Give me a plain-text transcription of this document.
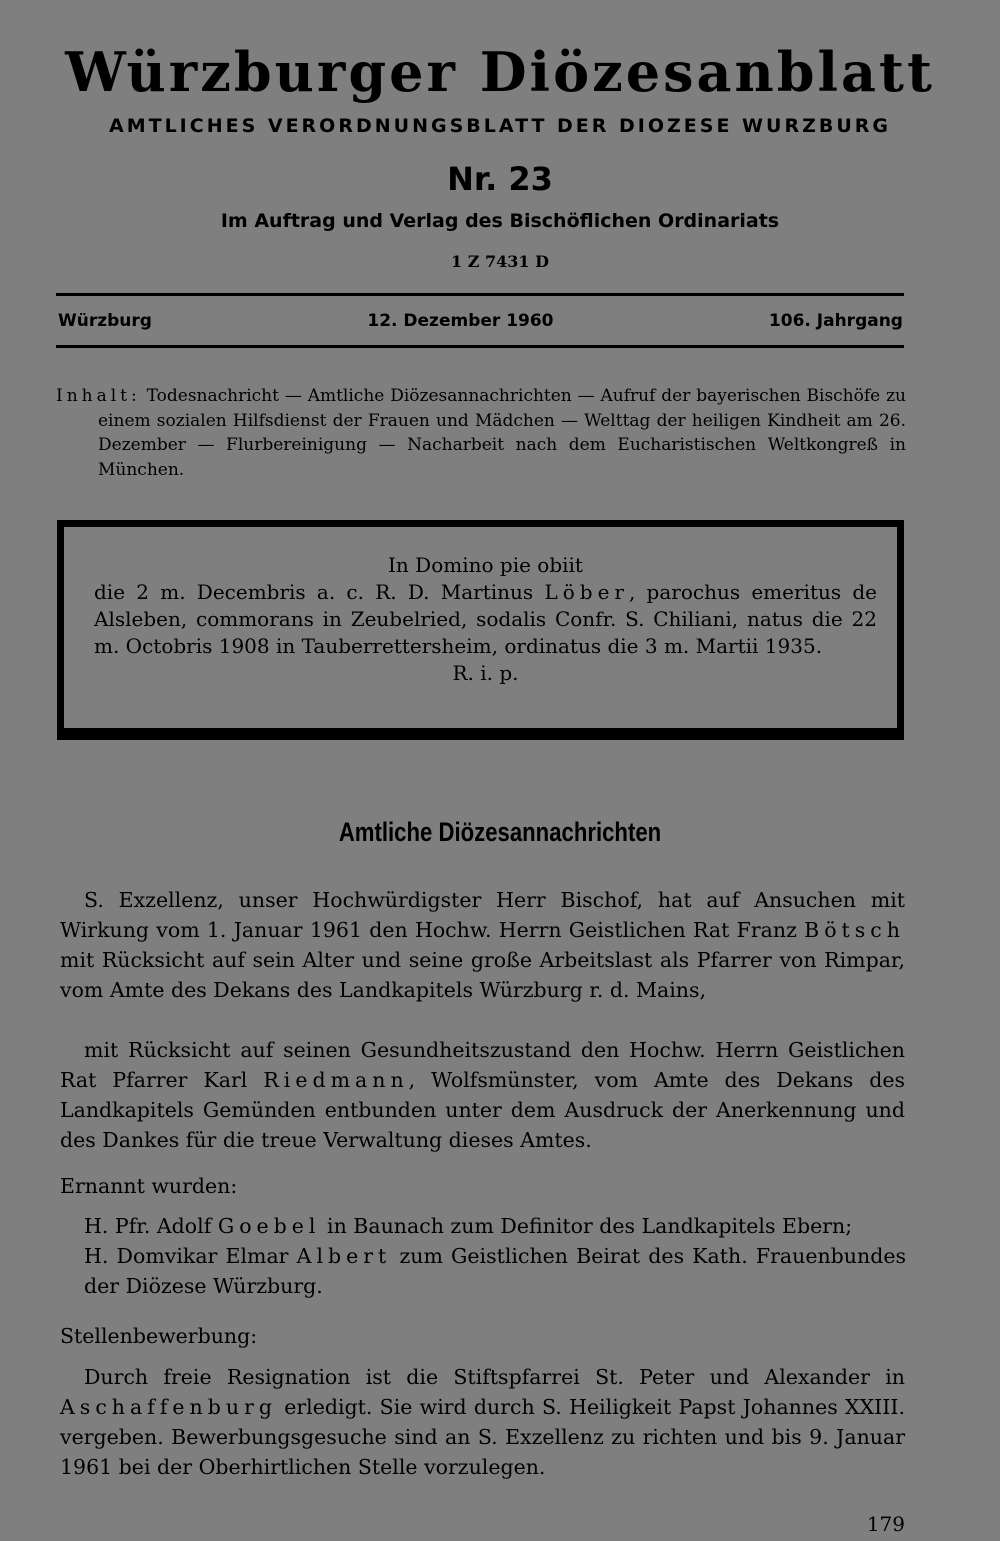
Würzburger Diözesanblatt
AMTLICHES VERORDNUNGSBLATT DER DIOZESE WURZBURG
Nr. 23
Im Auftrag und Verlag des Bischöflichen Ordinariats
1 Z 7431 D
Würzburg	12. Dezember 1960	106. Jahrgang
Inhalt: Todesnachricht — Amtliche Diözesannachrichten — Aufruf der bayerischen Bischöfe zu einem sozialen Hilfsdienst der Frauen und Mädchen — Welttag der heiligen Kindheit am 26. Dezember — Flurbereinigung — Nacharbeit nach dem Eucharistischen Weltkongreß in München.
In Domino pie obiit
die 2 m. Decembris a. c. R. D. Martinus Löber, parochus emeritus de Alsleben, commorans in Zeubelried, sodalis Confr. S. Chiliani, natus die 22 m. Octobris 1908 in Tauberrettersheim, ordinatus die 3 m. Martii 1935.
R. i. p.
Amtliche Diözesannachrichten
S. Exzellenz, unser Hochwürdigster Herr Bischof, hat auf Ansuchen mit Wirkung vom 1. Januar 1961 den Hochw. Herrn Geistlichen Rat Franz Bötsch mit Rücksicht auf sein Alter und seine große Arbeitslast als Pfarrer von Rimpar, vom Amte des Dekans des Landkapitels Würzburg r. d. Mains,
mit Rücksicht auf seinen Gesundheitszustand den Hochw. Herrn Geistlichen Rat Pfarrer Karl Riedmann, Wolfsmünster, vom Amte des Dekans des Landkapitels Gemünden entbunden unter dem Ausdruck der Anerkennung und des Dankes für die treue Verwaltung dieses Amtes.
Ernannt wurden:
H. Pfr. Adolf Goebel in Baunach zum Definitor des Landkapitels Ebern;
H. Domvikar Elmar Albert zum Geistlichen Beirat des Kath. Frauenbundes der Diözese Würzburg.
Stellenbewerbung:
Durch freie Resignation ist die Stiftspfarrei St. Peter und Alexander in Aschaffenburg erledigt. Sie wird durch S. Heiligkeit Papst Johannes XXIII. vergeben. Bewerbungsgesuche sind an S. Exzellenz zu richten und bis 9. Januar 1961 bei der Oberhirtlichen Stelle vorzulegen.
179
